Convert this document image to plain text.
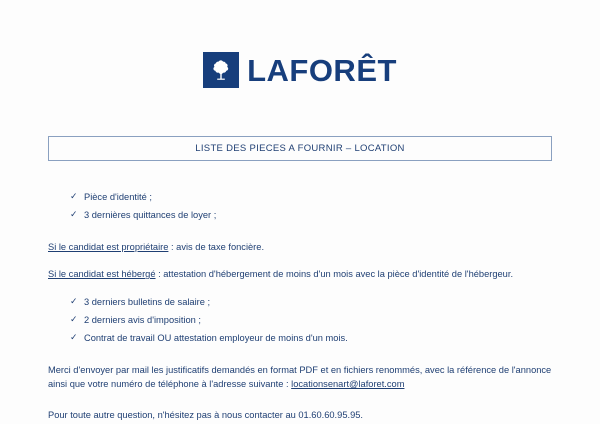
LAFORÊT
LISTE DES PIECES A FOURNIR – LOCATION
✓ Pièce d'identité ;
✓ 3 dernières quittances de loyer ;

Si le candidat est propriétaire : avis de taxe foncière.

Si le candidat est hébergé : attestation d'hébergement de moins d'un mois avec la pièce d'identité de l'hébergeur.

✓ 3 derniers bulletins de salaire ;
✓ 2 derniers avis d'imposition ;
✓ Contrat de travail OU attestation employeur de moins d'un mois.

Merci d'envoyer par mail les justificatifs demandés en format PDF et en fichiers renommés, avec la référence de l'annonce ainsi que votre numéro de téléphone à l'adresse suivante : locationsenart@laforet.com

Pour toute autre question, n'hésitez pas à nous contacter au 01.60.60.95.95.
